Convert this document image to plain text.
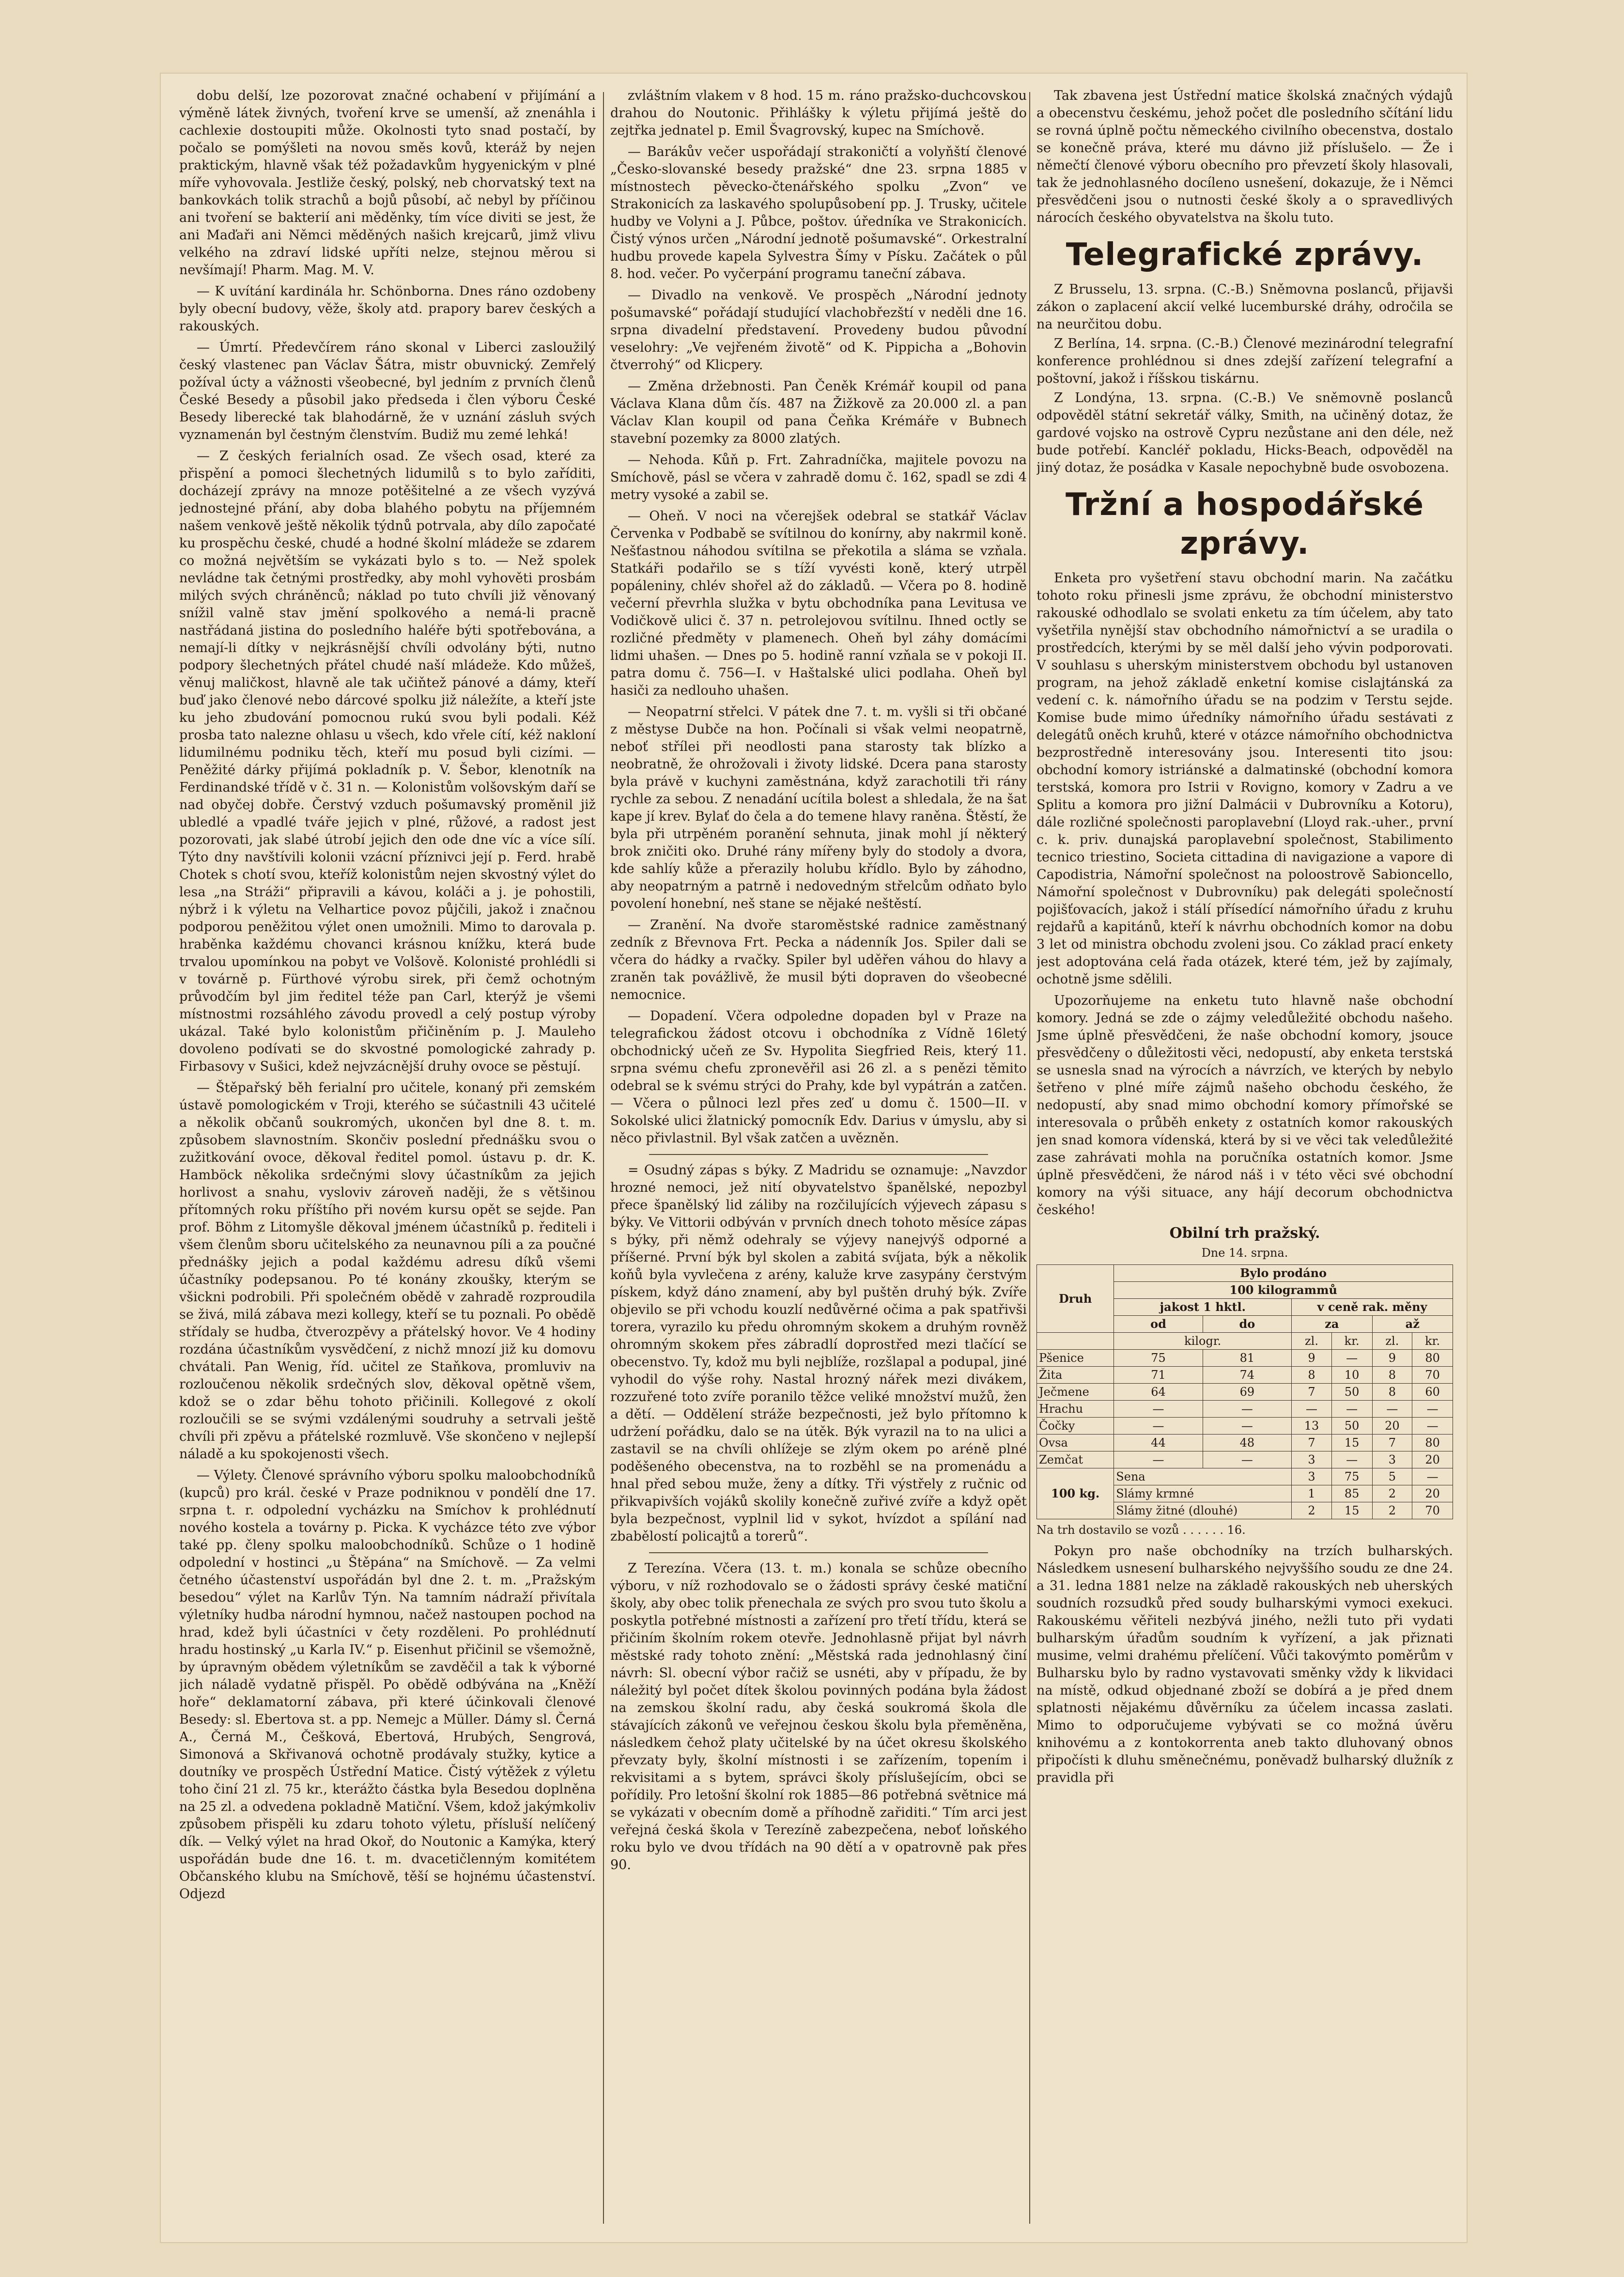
dobu delší, lze pozorovat značné ochabení v přijímání a výměně látek živných, tvoření krve se umenší, až znenáhla i cachlexie dostoupiti může. Okolnosti tyto snad postačí, by počalo se pomýšleti na novou směs kovů, kteráž by nejen praktickým, hlavně však též požadavkům hygyenickým v plné míře vyhovovala. Jestliže český, polský, neb chorvatský text na bankovkách tolik strachů a bojů působí, ač nebyl by příčinou ani tvoření se bakterií ani měděnky, tím více diviti se jest, že ani Maďaři ani Němci měděných našich krejcarů, jimž vlivu velkého na zdraví lidské upříti nelze, stejnou měrou si nevšímají! Pharm. Mag. M. V.

— K uvítání kardinála hr. Schönborna. Dnes ráno ozdobeny byly obecní budovy, věže, školy atd. prapory barev českých a rakouských.

— Úmrtí. Předevčírem ráno skonal v Liberci zasloužilý český vlastenec pan Václav Šátra, mistr obuvnický. Zemřelý požíval úcty a vážnosti všeobecné, byl jedním z prvních členů České Besedy a působil jako předseda i člen výboru České Besedy liberecké tak blahodárně, že v uznání zásluh svých vyznamenán byl čestným členstvím. Budiž mu zemé lehká!

— Z českých ferialních osad. Ze všech osad, které za přispění a pomoci šlechetných lidumilů s to bylo zaříditi, docházejí zprávy na mnoze potěšitelné a ze všech vyzývá jednostejné přání, aby doba blahého pobytu na příjemném našem venkově ještě několik týdnů potrvala, aby dílo započaté ku prospěchu české, chudé a hodné školní mládeže se zdarem co možná největším se vykázati bylo s to. — Než spolek nevládne tak četnými prostředky, aby mohl vyhověti prosbám milých svých chráněnců; náklad po tuto chvíli již věnovaný snížil valně stav jmění spolkového a nemá-li pracně nastřádaná jistina do posledního haléře býti spotřebována, a nemají-li dítky v nejkrásnější chvíli odvolány býti, nutno podpory šlechetných přátel chudé naší mládeže. Kdo můžeš, věnuj maličkost, hlavně ale tak učiňtež pánové a dámy, kteří buď jako členové nebo dárcové spolku již náležíte, a kteří jste ku jeho zbudování pomocnou rukú svou byli podali. Kéž prosba tato nalezne ohlasu u všech, kdo vřele cítí, kéž nakloní lidumilnému podniku těch, kteří mu posud byli cizími. — Peněžité dárky přijímá pokladník p. V. Šebor, klenotník na Ferdinandské třídě v č. 31 n. — Kolonistům volšovským daří se nad obyčej dobře. Čerstvý vzduch pošumavský proměnil již ubledlé a vpadlé tváře jejich v plné, růžové, a radost jest pozorovati, jak slabé útrobí jejich den ode dne víc a více sílí. Týto dny navštívili kolonii vzácní příznivci její p. Ferd. hrabě Chotek s chotí svou, kteříž kolonistům nejen skvostný výlet do lesa „na Stráži“ připravili a kávou, koláči a j. je pohostili, nýbrž i k výletu na Velhartice povoz půjčili, jakož i značnou podporou peněžitou výlet onen umožnili. Mimo to darovala p. hraběnka každému chovanci krásnou knížku, která bude trvalou upomínkou na pobyt ve Volšově. Kolonisté prohlédli si v továrně p. Fürthové výrobu sirek, při čemž ochotným průvodčím byl jim ředitel téže pan Carl, kterýž je všemi místnostmi rozsáhlého závodu provedl a celý postup výroby ukázal. Také bylo kolonistům přičiněním p. J. Mauleho dovoleno podívati se do skvostné pomologické zahrady p. Firbasovy v Sušici, kdež nejvzácnější druhy ovoce se pěstují.

— Štěpařský běh ferialní pro učitele, konaný při zemském ústavě pomologickém v Troji, kterého se súčastnili 43 učitelé a několik občanů soukromých, ukončen byl dne 8. t. m. způsobem slavnostním. Skončiv poslední přednášku svou o zužitkování ovoce, děkoval ředitel pomol. ústavu p. dr. K. Hamböck několika srdečnými slovy účastníkům za jejich horlivost a snahu, vysloviv zároveň naději, že s většinou přítomných roku příštího při novém kursu opět se sejde. Pan prof. Böhm z Litomyšle děkoval jménem účastníků p. řediteli i všem členům sboru učitelského za neunavnou píli a za poučné přednášky jejich a podal každému adresu díků všemi účastníky podepsanou. Po té konány zkoušky, kterým se všickni podrobili. Při společném obědě v zahradě rozproudila se živá, milá zábava mezi kollegy, kteří se tu poznali. Po obědě střídaly se hudba, čtverozpěvy a přátelský hovor. Ve 4 hodiny rozdána účastníkům vysvědčení, z nichž mnozí již ku domovu chvátali. Pan Wenig, říd. učitel ze Staňkova, promluviv na rozloučenou několik srdečných slov, děkoval opětně všem, kdož se o zdar běhu tohoto přičinili. Kollegové z okolí rozloučili se se svými vzdálenými soudruhy a setrvali ještě chvíli při zpěvu a přátelské rozmluvě. Vše skončeno v nejlepší náladě a ku spokojenosti všech.

— Výlety. Členové správního výboru spolku maloobchodníků (kupců) pro král. české v Praze podniknou v pondělí dne 17. srpna t. r. odpolední vycházku na Smíchov k prohlédnutí nového kostela a továrny p. Picka. K vycházce této zve výbor také pp. členy spolku maloobchodníků. Schůze o 1 hodině odpolední v hostinci „u Štěpána“ na Smíchově. — Za velmi četného účastenství uspořádán byl dne 2. t. m. „Pražským besedou“ výlet na Karlův Týn. Na tamním nádraží přivítala výletníky hudba národní hymnou, načež nastoupen pochod na hrad, kdež byli účastníci v čety rozděleni. Po prohlédnutí hradu hostinský „u Karla IV.“ p. Eisenhut přičinil se všemožně, by úpravným obědem výletníkům se zavděčil a tak k výborné jich náladě vydatně přispěl. Po obědě odbývána na „Kněží hoře“ deklamatorní zábava, při které účinkovali členové Besedy: sl. Ebertova st. a pp. Nemejc a Müller. Dámy sl. Černá A., Černá M., Češková, Ebertová, Hrubých, Sengrová, Simonová a Skřivanová ochotně prodávaly stužky, kytice a doutníky ve prospěch Ústřední Matice. Čistý výtěžek z výletu toho činí 21 zl. 75 kr., kterážto částka byla Besedou doplněna na 25 zl. a odvedena pokladně Matiční. Všem, kdož jakýmkoliv způsobem přispěli ku zdaru tohoto výletu, přísluší nelíčený dík. — Velký výlet na hrad Okoř, do Noutonic a Kamýka, který uspořádán bude dne 16. t. m. dvacetičlenným komitétem Občanského klubu na Smíchově, těší se hojnému účastenství. Odjezd

zvláštním vlakem v 8 hod. 15 m. ráno pražsko-duchcovskou drahou do Noutonic. Přihlášky k výletu přijímá ještě do zejtřka jednatel p. Emil Švagrovský, kupec na Smíchově.

— Barákův večer uspořádají strakoničtí a volyňští členové „Česko-slovanské besedy pražské“ dne 23. srpna 1885 v místnostech pěvecko-čtenářského spolku „Zvon“ ve Strakonicích za laskavého spolupůsobení pp. J. Trusky, učitele hudby ve Volyni a J. Půbce, poštov. úředníka ve Strakonicích. Čistý výnos určen „Národní jednotě pošumavské“. Orkestralní hudbu provede kapela Sylvestra Šímy v Písku. Začátek o půl 8. hod. večer. Po vyčerpání programu taneční zábava.

— Divadlo na venkově. Ve prospěch „Národní jednoty pošumavské“ pořádají studující vlachobřezští v neděli dne 16. srpna divadelní představení. Provedeny budou původní veselohry: „Ve vejřeném životě“ od K. Pippicha a „Bohovin čtverrohý“ od Klicpery.

— Změna držebnosti. Pan Čeněk Krémář koupil od pana Václava Klana dům čís. 487 na Žižkově za 20.000 zl. a pan Václav Klan koupil od pana Čeňka Krémáře v Bubnech stavební pozemky za 8000 zlatých.

— Nehoda. Kůň p. Frt. Zahradníčka, majitele povozu na Smíchově, pásl se včera v zahradě domu č. 162, spadl se zdi 4 metry vysoké a zabil se.

— Oheň. V noci na včerejšek odebral se statkář Václav Červenka v Podbabě se svítilnou do konírny, aby nakrmil koně. Nešťastnou náhodou svítilna se překotila a sláma se vzňala. Statkáři podařilo se s tíží vyvésti koně, který utrpěl popáleniny, chlév shořel až do základů. — Včera po 8. hodině večerní převrhla služka v bytu obchodníka pana Levitusa ve Vodičkově ulici č. 37 n. petrolejovou svítilnu. Ihned octly se rozličné předměty v plamenech. Oheň byl záhy domácími lidmi uhašen. — Dnes po 5. hodině ranní vzňala se v pokoji II. patra domu č. 756—I. v Haštalské ulici podlaha. Oheň byl hasiči za nedlouho uhašen.

— Neopatrní střelci. V pátek dne 7. t. m. vyšli si tři občané z městyse Dubče na hon. Počínali si však velmi neopatrně, neboť střílei při neodlosti pana starosty tak blízko a neobratně, že ohrožovali i životy lidské. Dcera pana starosty byla právě v kuchyni zaměstnána, když zarachotili tři rány rychle za sebou. Z nenadání ucítila bolest a shledala, že na šat kape jí krev. Bylať do čela a do temene hlavy raněna. Štěstí, že byla při utrpěném poranění sehnuta, jinak mohl jí některý brok zničiti oko. Druhé rány mířeny byly do stodoly a dvora, kde sahlíy kůže a přerazily holubu křídlo. Bylo by záhodno, aby neopatrným a patrně i nedovedným střelcům odňato bylo povolení honební, neš stane se nějaké neštěstí.

— Zranění. Na dvoře staroměstské radnice zaměstnaný zedník z Břevnova Frt. Pecka a nádenník Jos. Spiler dali se včera do hádky a rvačky. Spiler byl uděřen váhou do hlavy a zraněn tak povážlivě, že musil býti dopraven do všeobecné nemocnice.

— Dopadení. Včera odpoledne dopaden byl v Praze na telegrafickou žádost otcovu i obchodníka z Vídně 16letý obchodnický učeň ze Sv. Hypolita Siegfried Reis, který 11. srpna svému chefu zpronevěřil asi 26 zl. a s penězi těmito odebral se k svému strýci do Prahy, kde byl vypátrán a zatčen. — Včera o půlnoci lezl přes zeď u domu č. 1500—II. v Sokolské ulici žlatnický pomocník Edv. Darius v úmyslu, aby si něco přivlastnil. Byl však zatčen a uvězněn.

= Osudný zápas s býky. Z Madridu se oznamuje: „Navzdor hrozné nemoci, jež nití obyvatelstvo španělské, nepozbyl přece španělský lid záliby na rozčilujících výjevech zápasu s býky. Ve Vittorii odbýván v prvních dnech tohoto měsíce zápas s býky, při němž odehraly se výjevy nanejvýš odporné a příšerné. První býk byl skolen a zabitá svíjata, býk a několik koňů byla vyvlečena z arény, kaluže krve zasypány čerstvým pískem, když dáno znamení, aby byl puštěn druhý býk. Zvíře objevilo se při vchodu kouzlí nedůvěrné očima a pak spatřivši torera, vyrazilo ku předu ohromným skokem a druhým rovněž ohromným skokem přes zábradlí doprostřed mezi tlačící se obecenstvo. Ty, kdož mu byli nejblíže, rozšlapal a podupal, jiné vyhodil do výše rohy. Nastal hrozný nářek mezi divákem, rozzuřené toto zvíře poranilo těžce veliké množství mužů, žen a dětí. — Oddělení stráže bezpečnosti, jež bylo přítomno k udržení pořádku, dalo se na útěk. Býk vyrazil na to na ulici a zastavil se na chvíli ohlížeje se zlým okem po aréně plné poděšeného obecenstva, na to rozběhl se na promenádu a hnal před sebou muže, ženy a dítky. Tři výstřely z ručnic od přikvapivších vojáků skolily konečně zuřivé zvíře a když opět byla bezpečnost, vyplnil lid v sykot, hvízdot a spílání nad zbabělostí policajtů a torerů“.

Z Terezína. Včera (13. t. m.) konala se schůze obecního výboru, v níž rozhodovalo se o žádosti správy české matiční školy, aby obec tolik přenechala ze svých pro svou tuto školu a poskytla potřebné místnosti a zařízení pro třetí třídu, která se přičiním školním rokem otevře. Jednohlasně přijat byl návrh městské rady tohoto znění: „Městská rada jednohlasný činí návrh: Sl. obecní výbor račiž se usnéti, aby v případu, že by náležitý byl počet dítek školou povinných podána byla žádost na zemskou školní radu, aby česká soukromá škola dle stávajících zákonů ve veřejnou českou školu byla přeměněna, následkem čehož platy učitelské by na účet okresu školského převzaty byly, školní místnosti i se zařízením, topením i rekvisitami a s bytem, správci školy příslušejícím, obci se pořídily. Pro letošní školní rok 1885—86 potřebná světnice má se vykázati v obecním domě a příhodně zařiditi.“ Tím arci jest veřejná česká škola v Terezíně zabezpečena, neboť loňského roku bylo ve dvou třídách na 90 dětí a v opatrovně pak přes 90.

Tak zbavena jest Ústřední matice školská značných výdajů a obecenstvu českému, jehož počet dle posledního sčítání lidu se rovná úplně počtu německého civilního obecenstva, dostalo se konečně práva, které mu dávno již příslušelo. — Že i němečtí členové výboru obecního pro převzetí školy hlasovali, tak že jednohlasného docíleno usnešení, dokazuje, že i Němci přesvědčeni jsou o nutnosti české školy a o spravedlivých nárocích českého obyvatelstva na školu tuto.

Telegrafické zprávy.

Z Brusselu, 13. srpna. (C.-B.) Sněmovna poslanců, přijavši zákon o zaplacení akcií velké lucemburské dráhy, odročila se na neurčitou dobu.

Z Berlína, 14. srpna. (C.-B.) Členové mezinárodní telegrafní konference prohlédnou si dnes zdejší zařízení telegrafní a poštovní, jakož i říšskou tiskárnu.

Z Londýna, 13. srpna. (C.-B.) Ve sněmovně poslanců odpověděl státní sekretář války, Smith, na učiněný dotaz, že gardové vojsko na ostrově Cypru nezůstane ani den déle, než bude potřebí. Kancléř pokladu, Hicks-Beach, odpověděl na jiný dotaz, že posádka v Kasale nepochybně bude osvobozena.

Tržní a hospodářské zprávy.

Enketa pro vyšetření stavu obchodní marin. Na začátku tohoto roku přinesli jsme zprávu, že obchodní ministerstvo rakouské odhodlalo se svolati enketu za tím účelem, aby tato vyšetřila nynější stav obchodního námořnictví a se uradila o prostředcích, kterými by se měl další jeho vývin podporovati. V souhlasu s uherským ministerstvem obchodu byl ustanoven program, na jehož základě enketní komise cislajtánská za vedení c. k. námořního úřadu se na podzim v Terstu sejde. Komise bude mimo úředníky námořního úřadu sestávati z delegátů oněch kruhů, které v otázce námořního obchodnictva bezprostředně interesovány jsou. Interesenti tito jsou: obchodní komory istriánské a dalmatinské (obchodní komora terstská, komora pro Istrii v Rovigno, komory v Zadru a ve Splitu a komora pro jižní Dalmácii v Dubrovníku a Kotoru), dále rozličné společnosti paroplavební (Lloyd rak.-uher., první c. k. priv. dunajská paroplavební společnost, Stabilimento tecnico triestino, Societa cittadina di navigazione a vapore di Capodistria, Námořní společnost na poloostrově Sabioncello, Námořní společnost v Dubrovníku) pak delegáti společností pojišťovacích, jakož i stálí přísedící námořního úřadu z kruhu rejdařů a kapitánů, kteří k návrhu obchodních komor na dobu 3 let od ministra obchodu zvoleni jsou. Co základ prací enkety jest adoptována celá řada otázek, které tém, jež by zajímaly, ochotně jsme sdělili.

Upozorňujeme na enketu tuto hlavně naše obchodní komory. Jedná se zde o zájmy veledůležité obchodu našeho. Jsme úplně přesvědčeni, že naše obchodní komory, jsouce přesvědčeny o důležitosti věci, nedopustí, aby enketa terstská se usnesla snad na výrocích a návrzích, ve kterých by nebylo šetřeno v plné míře zájmů našeho obchodu českého, že nedopustí, aby snad mimo obchodní komory přímořské se interesovala o průběh enkety z ostatních komor rakouských jen snad komora vídenská, která by si ve věci tak veledůležité zase zahrávati mohla na poručníka ostatních komor. Jsme úplně přesvědčeni, že národ náš i v této věci své obchodní komory na výši situace, any hájí decorum obchodnictva českého!

Obilní trh pražský.
Dne 14. srpna.
Druh	Bylo prodáno					
	100 kilogrammů					
	jakost 1 hktl.		v ceně rak. měny			
	od	do	za		až	
	kilogr.		zl.	kr.	zl.	kr.
Pšenice	75	81	9	—	9	80
Žita	71	74	8	10	8	70
Ječmene	64	69	7	50	8	60
Hrachu	—	—	—	—	—	—
Čočky	—	—	13	50	20	—
Ovsa	44	48	7	15	7	80
Zemčat	—	—	3	—	3	20
100 kg.	Sena		3	75	5	—
	Slámy krmné		1	85	2	20
	Slámy žitné (dlouhé)		2	15	2	70
Na trh dostavilo se vozů . . . . . . 16.

Pokyn pro naše obchodníky na trzích bulharských. Následkem usnesení bulharského nejvyššího soudu ze dne 24. a 31. ledna 1881 nelze na základě rakouských neb uherských soudních rozsudků před soudy bulharskými vymoci exekuci. Rakouskému věřiteli nezbývá jiného, nežli tuto při vydati bulharským úřadům soudním k vyřízení, a jak přiznati musime, velmi drahému přelíčení. Vůči takovýmto poměrům v Bulharsku bylo by radno vystavovati směnky vždy k likvidaci na místě, odkud objednané zboží se dobírá a je před dnem splatnosti nějakému důvěrníku za účelem incassa zaslati. Mimo to odporučujeme vybývati se co možná úvěru knihovému a z kontokorrenta aneb takto dluhovaný obnos připočísti k dluhu směnečnému, poněvadž bulharský dlužník z pravidla při
